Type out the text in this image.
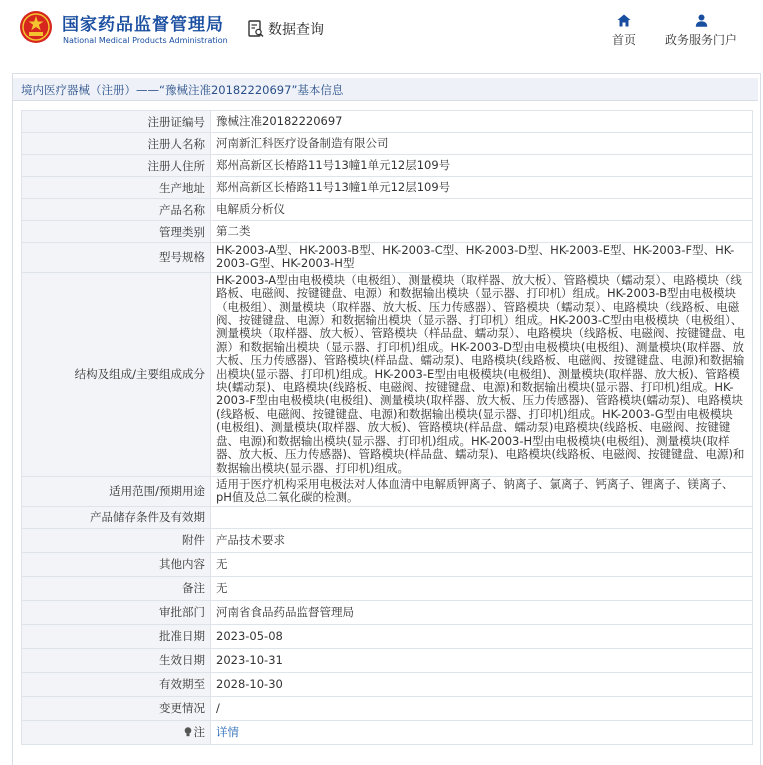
国家药品监督管理局
National Medical Products Administration
数据查询
首页	政务服务门户
境内医疗器械（注册）——“豫械注准20182220697”基本信息
注册证编号	豫械注准20182220697
注册人名称	河南新汇科医疗设备制造有限公司
注册人住所	郑州高新区长椿路11号13幢1单元12层109号
生产地址	郑州高新区长椿路11号13幢1单元12层109号
产品名称	电解质分析仪
管理类别	第二类
型号规格	HK-2003-A型、HK-2003-B型、HK-2003-C型、HK-2003-D型、HK-2003-E型、HK-2003-F型、HK-2003-G型、HK-2003-H型
结构及组成/主要组成成分	HK-2003-A型由电极模块（电极组）、测量模块（取样器、放大板）、管路模块（蠕动泵）、电路模块（线路板、电磁阀、按键键盘、电源）和数据输出模块（显示器、打印机）组成。HK-2003-B型由电极模块（电极组）、测量模块（取样器、放大板、压力传感器）、管路模块（蠕动泵）、电路模块（线路板、电磁阀、按键键盘、电源）和数据输出模块（显示器、打印机）组成。HK-2003-C型由电极模块（电极组）、测量模块（取样器、放大板）、管路模块（样品盘、蠕动泵）、电路模块（线路板、电磁阀、按键键盘、电源）和数据输出模块（显示器、打印机)组成。HK-2003-D型由电极模块(电极组)、测量模块(取样器、放大板、压力传感器)、管路模块(样品盘、蠕动泵)、电路模块(线路板、电磁阀、按键键盘、电源)和数据输出模块(显示器、打印机)组成。HK-2003-E型由电极模块(电极组)、测量模块(取样器、放大板)、管路模块(蠕动泵)、电路模块(线路板、电磁阀、按键键盘、电源)和数据输出模块(显示器、打印机)组成。HK-2003-F型由电极模块(电极组)、测量模块(取样器、放大板、压力传感器)、管路模块(蠕动泵)、电路模块(线路板、电磁阀、按键键盘、电源)和数据输出模块(显示器、打印机)组成。HK-2003-G型由电极模块(电极组)、测量模块(取样器、放大板)、管路模块(样品盘、蠕动泵)电路模块(线路板、电磁阀、按键键盘、电源)和数据输出模块(显示器、打印机)组成。HK-2003-H型由电极模块(电极组)、测量模块(取样器、放大板、压力传感器)、管路模块(样品盘、蠕动泵)、电路模块(线路板、电磁阀、按键键盘、电源)和数据输出模块(显示器、打印机)组成。
适用范围/预期用途	适用于医疗机构采用电极法对人体血清中电解质钾离子、钠离子、氯离子、钙离子、锂离子、镁离子、pH值及总二氧化碳的检测。
产品储存条件及有效期	
附件	产品技术要求
其他内容	无
备注	无
审批部门	河南省食品药品监督管理局
批准日期	2023-05-08
生效日期	2023-10-31
有效期至	2028-10-30
变更情况	/
注	详情
